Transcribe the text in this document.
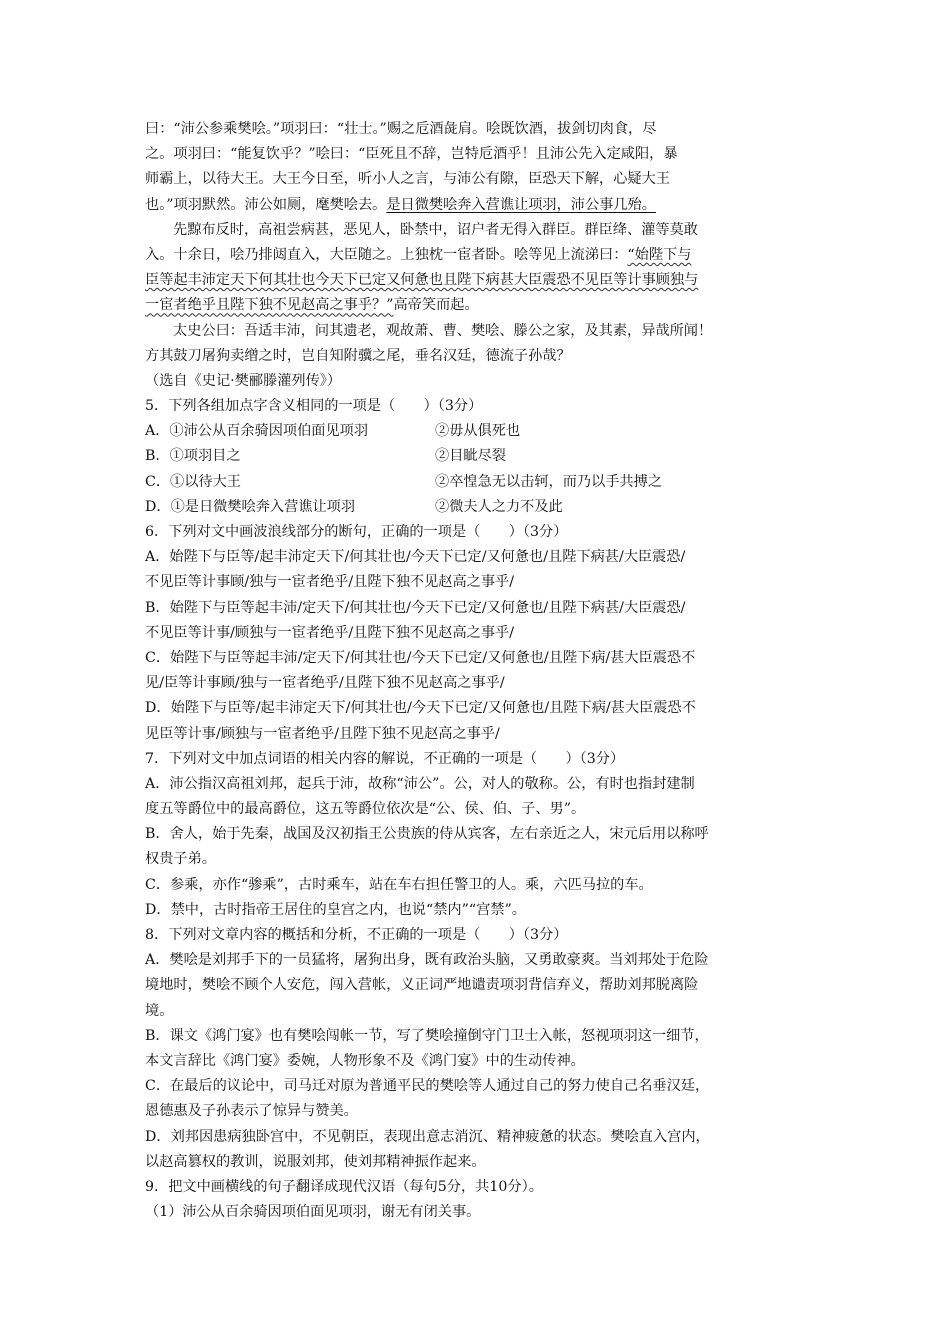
曰：“沛公参乘樊哙。”项羽曰：“壮士。”赐之卮酒彘肩。哙既饮酒，拔剑切肉食，尽
之。项羽曰：“能复饮乎？”哙曰：“臣死且不辞，岂特卮酒乎！且沛公先入定咸阳，暴
师霸上，以待大王。大王今日至，听小人之言，与沛公有隙，臣恐天下解，心疑大王
也。”项羽默然。沛公如厕，麾樊哙去。是日微樊哙奔入营谯让项羽，沛公事几殆。
先黥布反时，高祖尝病甚，恶见人，卧禁中，诏户者无得入群臣。群臣绛、灌等莫敢
入。十余日，哙乃排闼直入，大臣随之。上独枕一宦者卧。哙等见上流涕曰：“始陛下与
臣等起丰沛定天下何其壮也今天下已定又何惫也且陛下病甚大臣震恐不见臣等计事顾独与
一宦者绝乎且陛下独不见赵高之事乎？”高帝笑而起。
太史公曰：吾适丰沛，问其遗老，观故萧、曹、樊哙、滕公之家，及其素，异哉所闻！
方其鼓刀屠狗卖缯之时，岂自知附骥之尾，垂名汉廷，德流子孙哉？
（选自《史记·樊郦滕灌列传》）
5．下列各组加点字含义相同的一项是（　　）（3分）
A．①沛公从百余骑因项伯面见项羽	②毋从俱死也
B．①项羽目之	②目眦尽裂
C．①以待大王	②卒惶急无以击轲，而乃以手共搏之
D．①是日微樊哙奔入营谯让项羽	②微夫人之力不及此
6．下列对文中画波浪线部分的断句，正确的一项是（　　）（3分）
A．始陛下与臣等/起丰沛定天下/何其壮也/今天下已定/又何惫也/且陛下病甚/大臣震恐/
不见臣等计事顾/独与一宦者绝乎/且陛下独不见赵高之事乎/
B．始陛下与臣等起丰沛/定天下/何其壮也/今天下已定/又何惫也/且陛下病甚/大臣震恐/
不见臣等计事/顾独与一宦者绝乎/且陛下独不见赵高之事乎/
C．始陛下与臣等起丰沛/定天下/何其壮也/今天下已定/又何惫也/且陛下病/甚大臣震恐不
见/臣等计事顾/独与一宦者绝乎/且陛下独不见赵高之事乎/
D．始陛下与臣等/起丰沛定天下/何其壮也/今天下已定/又何惫也/且陛下病/甚大臣震恐不
见臣等计事/顾独与一宦者绝乎/且陛下独不见赵高之事乎/
7．下列对文中加点词语的相关内容的解说，不正确的一项是（　　）（3分）
A．沛公指汉高祖刘邦，起兵于沛，故称“沛公”。公，对人的敬称。公，有时也指封建制
度五等爵位中的最高爵位，这五等爵位依次是“公、侯、伯、子、男”。
B．舍人，始于先秦，战国及汉初指王公贵族的侍从宾客，左右亲近之人，宋元后用以称呼
权贵子弟。
C．参乘，亦作“骖乘”，古时乘车，站在车右担任警卫的人。乘，六匹马拉的车。
D．禁中，古时指帝王居住的皇宫之内，也说“禁内”“宫禁”。
8．下列对文章内容的概括和分析，不正确的一项是（　　）（3分）
A．樊哙是刘邦手下的一员猛将，屠狗出身，既有政治头脑，又勇敢豪爽。当刘邦处于危险
境地时，樊哙不顾个人安危，闯入营帐，义正词严地谴责项羽背信弃义，帮助刘邦脱离险
境。
B．课文《鸿门宴》也有樊哙闯帐一节，写了樊哙撞倒守门卫士入帐，怒视项羽这一细节，
本文言辞比《鸿门宴》委婉，人物形象不及《鸿门宴》中的生动传神。
C．在最后的议论中，司马迁对原为普通平民的樊哙等人通过自己的努力使自己名垂汉廷，
恩德惠及子孙表示了惊异与赞美。
D．刘邦因患病独卧宫中，不见朝臣，表现出意志消沉、精神疲惫的状态。樊哙直入宫内，
以赵高篡权的教训，说服刘邦，使刘邦精神振作起来。
9．把文中画横线的句子翻译成现代汉语（每句5分，共10分）。
（1）沛公从百余骑因项伯面见项羽，谢无有闭关事。
